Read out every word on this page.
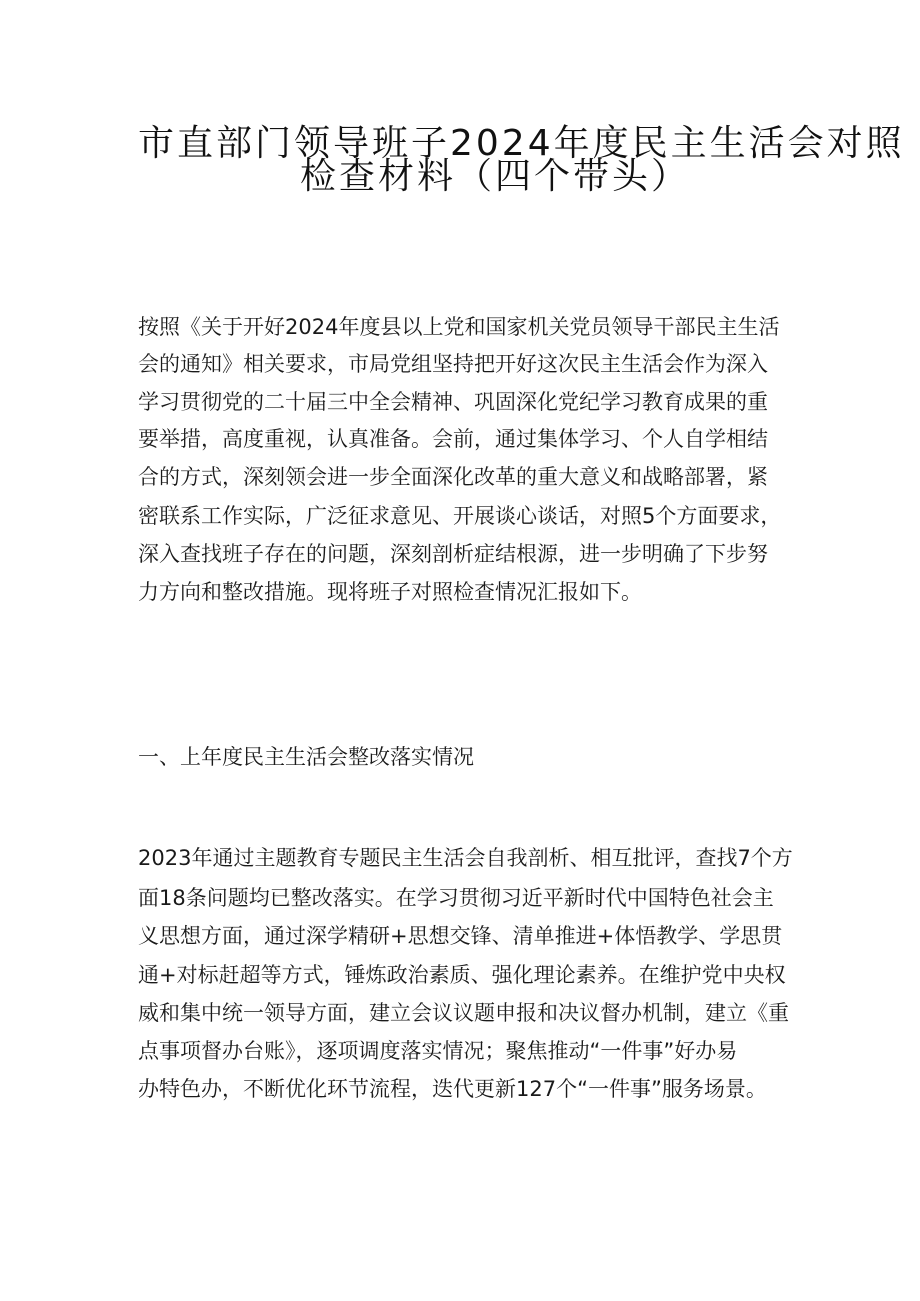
市直部门领导班子2024年度民主生活会对照
检查材料（四个带头）
按照《关于开好2024年度县以上党和国家机关党员领导干部民主生活
会的通知》相关要求，市局党组坚持把开好这次民主生活会作为深入
学习贯彻党的二十届三中全会精神、巩固深化党纪学习教育成果的重
要举措，高度重视，认真准备。会前，通过集体学习、个人自学相结
合的方式，深刻领会进一步全面深化改革的重大意义和战略部署，紧
密联系工作实际，广泛征求意见、开展谈心谈话，对照5个方面要求，
深入查找班子存在的问题，深刻剖析症结根源，进一步明确了下步努
力方向和整改措施。现将班子对照检查情况汇报如下。
一、上年度民主生活会整改落实情况
2023年通过主题教育专题民主生活会自我剖析、相互批评，查找7个方
面18条问题均已整改落实。在学习贯彻习近平新时代中国特色社会主
义思想方面，通过深学精研+思想交锋、清单推进+体悟教学、学思贯
通+对标赶超等方式，锤炼政治素质、强化理论素养。在维护党中央权
威和集中统一领导方面，建立会议议题申报和决议督办机制，建立《重
点事项督办台账》，逐项调度落实情况；聚焦推动“一件事”好办易
办特色办，不断优化环节流程，迭代更新127个“一件事”服务场景。
